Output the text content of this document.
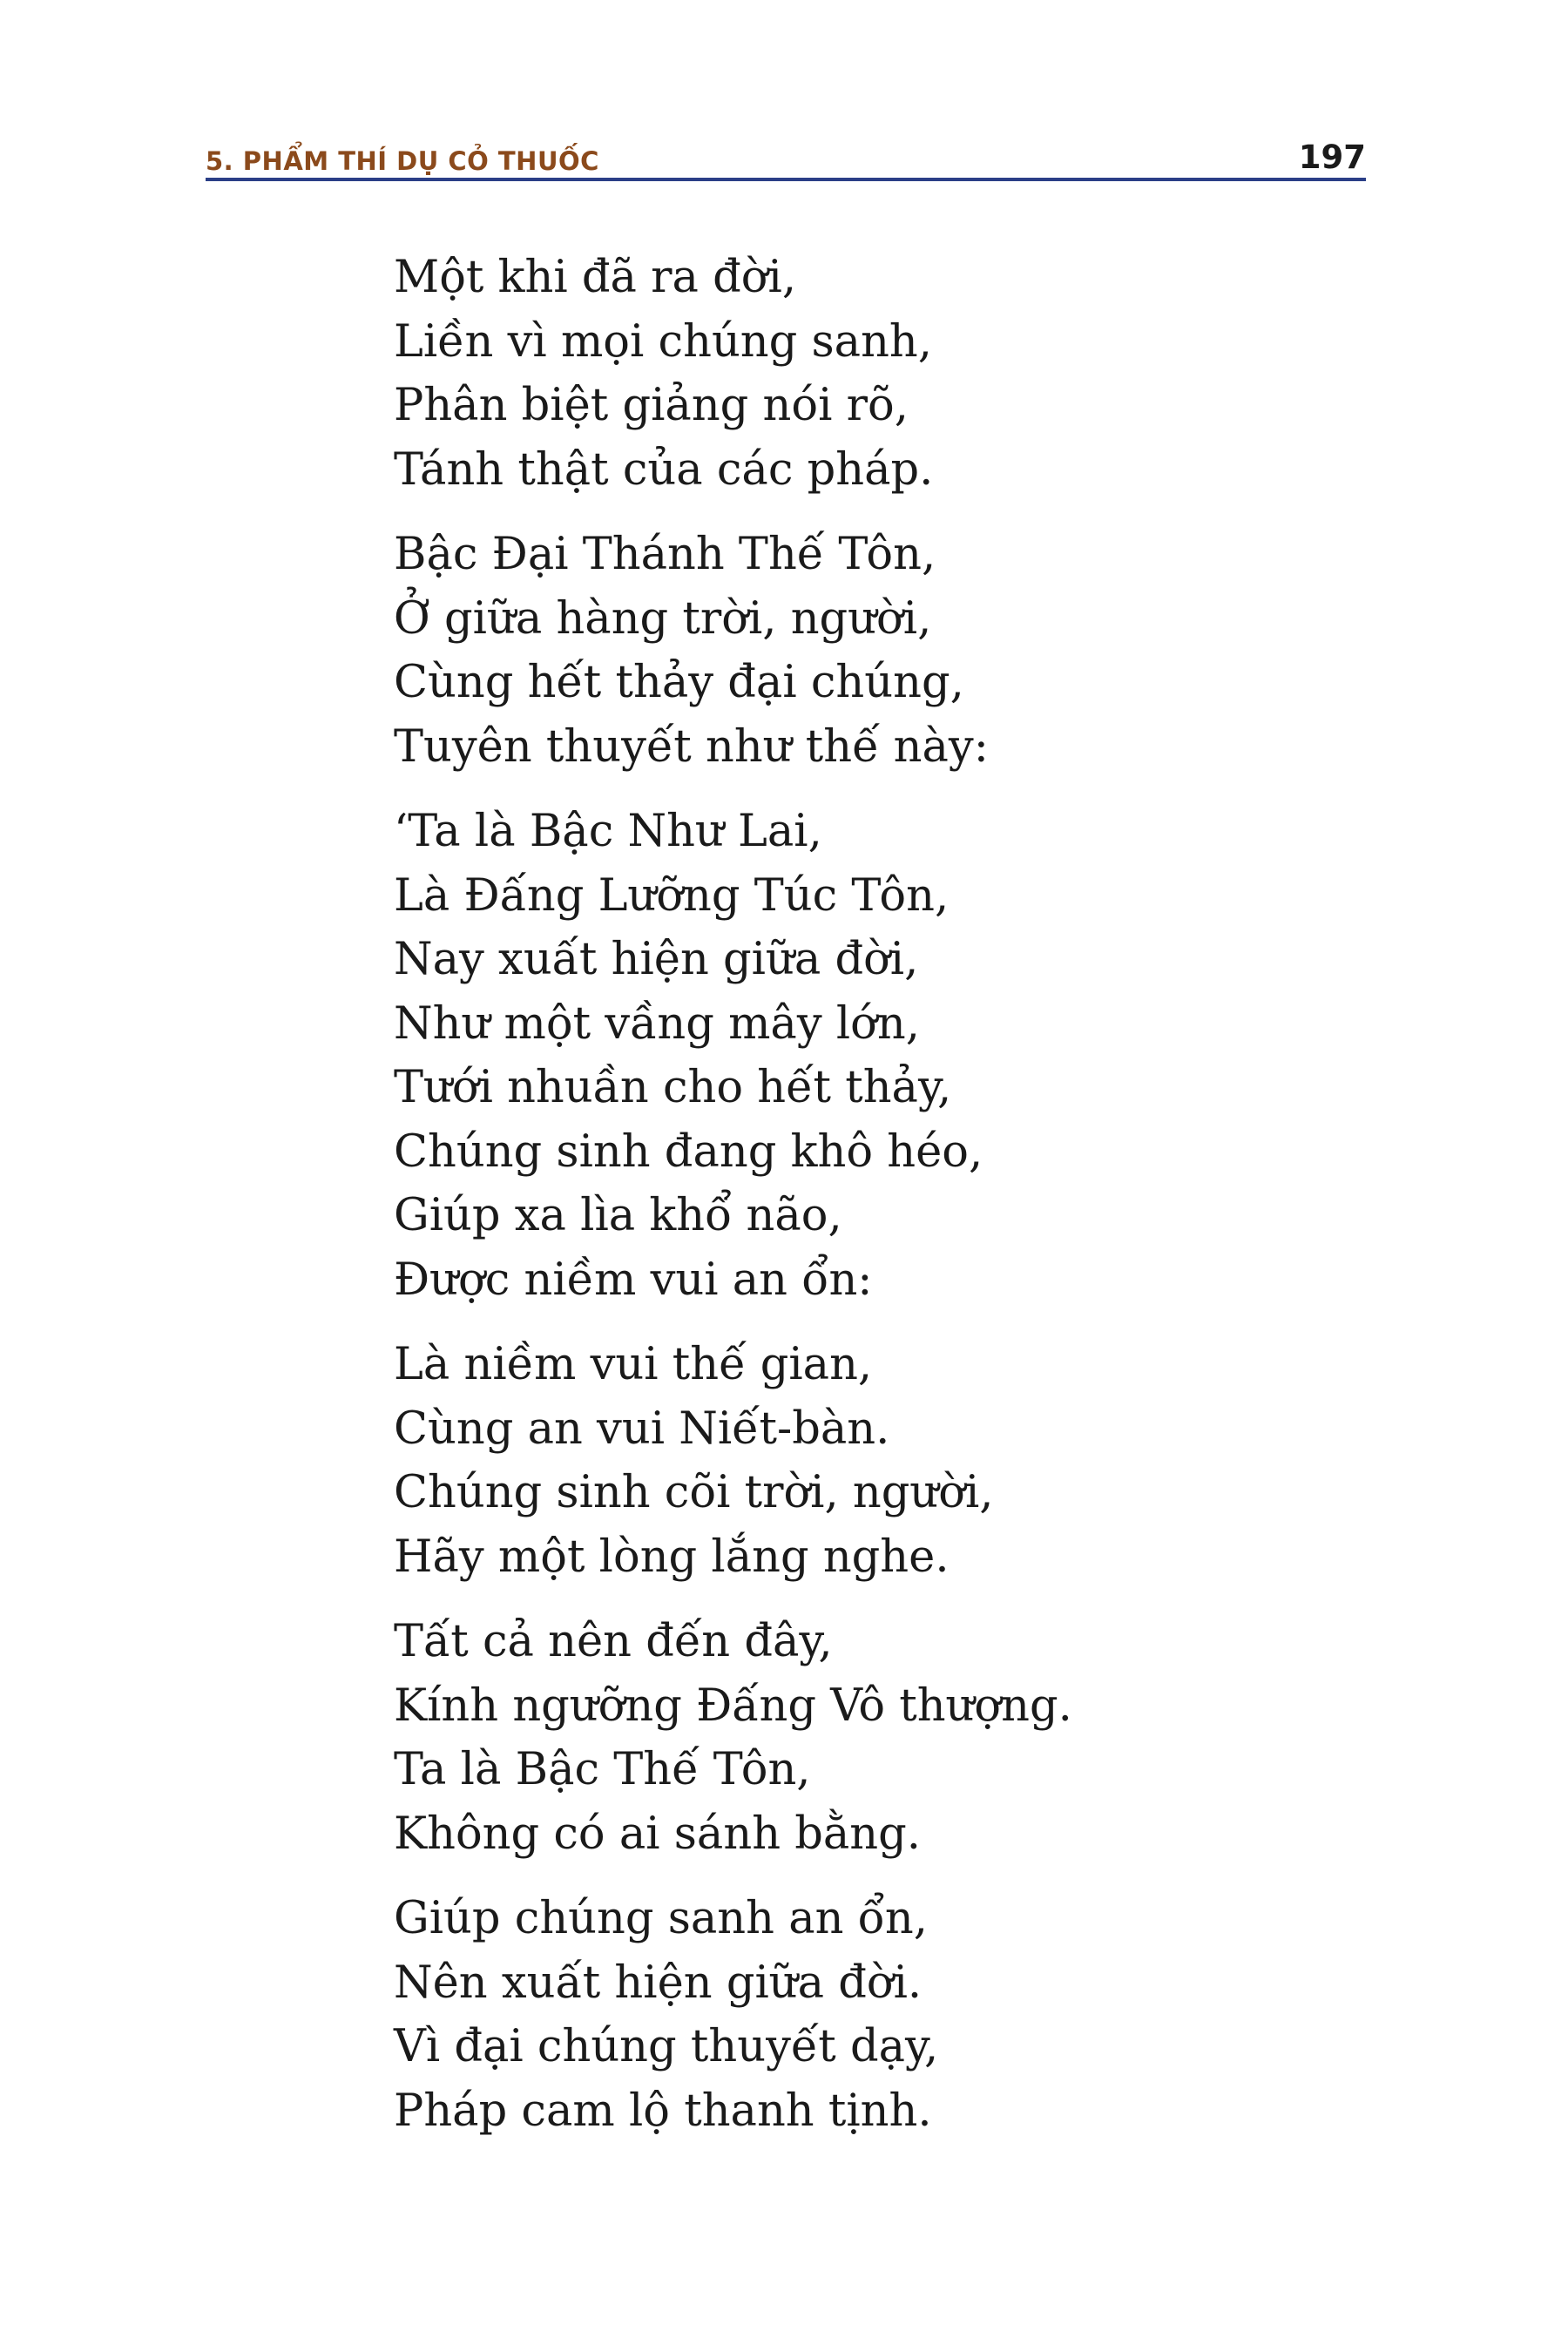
5. PHẨM THÍ DỤ CỎ THUỐC	197
Một khi đã ra đời,
Liền vì mọi chúng sanh,
Phân biệt giảng nói rõ,
Tánh thật của các pháp.
Bậc Đại Thánh Thế Tôn,
Ở giữa hàng trời, người,
Cùng hết thảy đại chúng,
Tuyên thuyết như thế này:
‘Ta là Bậc Như Lai,
Là Đấng Lưỡng Túc Tôn,
Nay xuất hiện giữa đời,
Như một vầng mây lớn,
Tưới nhuần cho hết thảy,
Chúng sinh đang khô héo,
Giúp xa lìa khổ não,
Được niềm vui an ổn:
Là niềm vui thế gian,
Cùng an vui Niết-bàn.
Chúng sinh cõi trời, người,
Hãy một lòng lắng nghe.
Tất cả nên đến đây,
Kính ngưỡng Đấng Vô thượng.
Ta là Bậc Thế Tôn,
Không có ai sánh bằng.
Giúp chúng sanh an ổn,
Nên xuất hiện giữa đời.
Vì đại chúng thuyết dạy,
Pháp cam lộ thanh tịnh.
